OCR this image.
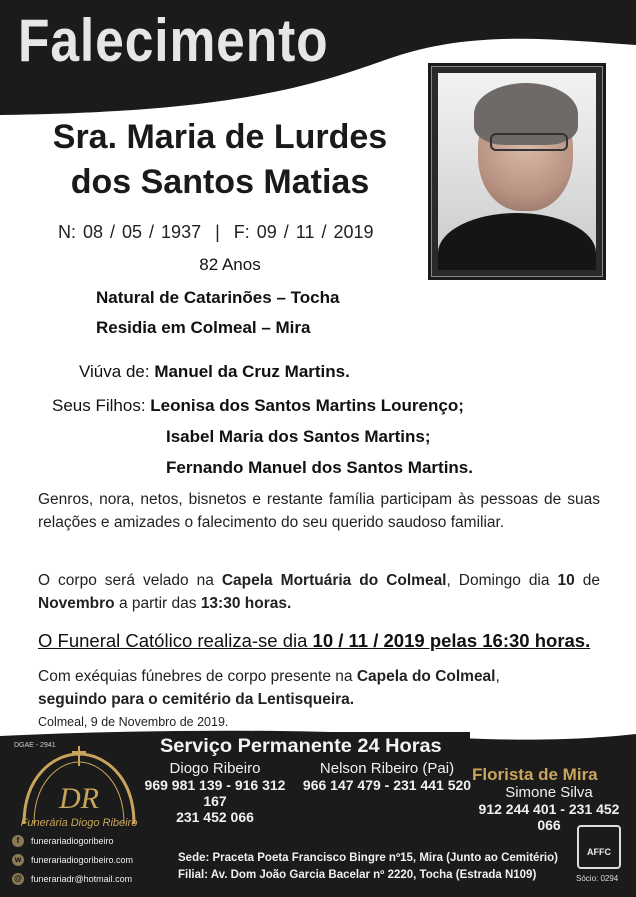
Falecimento
Sra. Maria de Lurdes
dos Santos Matias
N: 08 / 05 / 1937 | F: 09 / 11 / 2019
82 Anos
Natural de Catarinões – Tocha
Residia em Colmeal – Mira
Viúva de: Manuel da Cruz Martins.
Seus Filhos: Leonisa dos Santos Martins Lourenço;
Isabel Maria dos Santos Martins;
Fernando Manuel dos Santos Martins.
Genros, nora, netos, bisnetos e restante família participam às pessoas de suas relações e amizades o falecimento do seu querido saudoso familiar.
O corpo será velado na Capela Mortuária do Colmeal, Domingo dia 10 de Novembro a partir das 13:30 horas.
O Funeral Católico realiza-se dia 10 / 11 / 2019 pelas 16:30 horas.
Com exéquias fúnebres de corpo presente na Capela do Colmeal,
seguindo para o cemitério da Lentisqueira.
Colmeal, 9 de Novembro de 2019.
DGAE - 2941	Serviço Permanente 24 Horas
DR
Funerária Diogo Ribeiro
f	funerariadiogoribeiro
w	funerariadiogoribeiro.com
@ funerariadr@hotmail.com
Diogo Ribeiro
969 981 139 - 916 312 167
231 452 066
Nelson Ribeiro (Pai)
966 147 479 - 231 441 520
Florista de Mira
Simone Silva
912 244 401 - 231 452 066
Sede: Praceta Poeta Francisco Bingre nº15, Mira (Junto ao Cemitério)
Filial: Av. Dom João Garcia Bacelar nº 2220, Tocha (Estrada N109)
AFFC
Sócio: 0294
